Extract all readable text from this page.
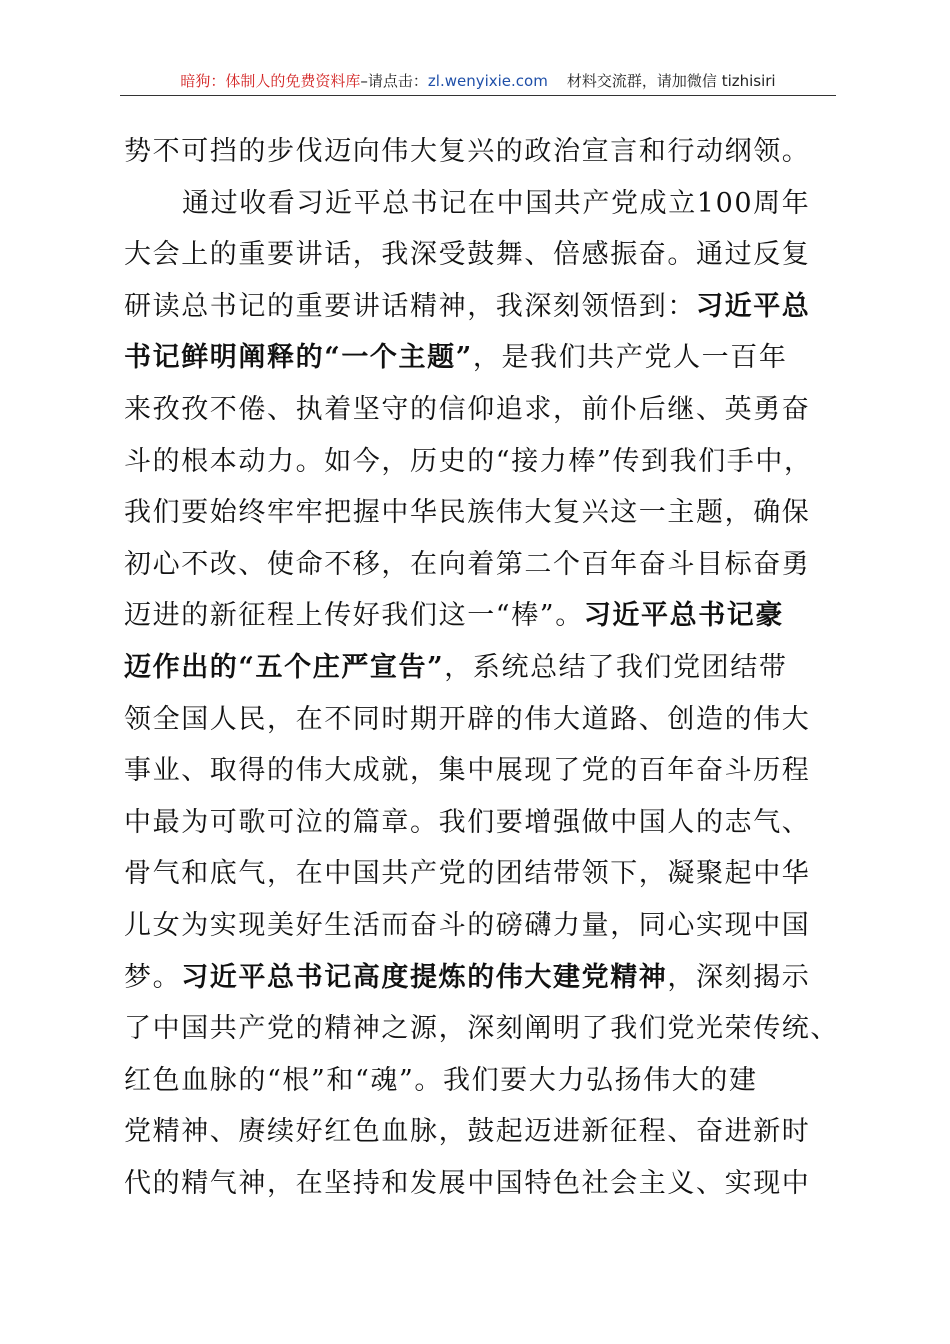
暗狗：体制人的免费资料库–请点击：zl.wenyixie.com 材料交流群，请加微信 tizhisiri
势不可挡的步伐迈向伟大复兴的政治宣言和行动纲领。
通过收看习近平总书记在中国共产党成立100周年
大会上的重要讲话，我深受鼓舞、倍感振奋。通过反复
研读总书记的重要讲话精神，我深刻领悟到：习近平总
书记鲜明阐释的“一个主题”，是我们共产党人一百年
来孜孜不倦、执着坚守的信仰追求，前仆后继、英勇奋
斗的根本动力。如今，历史的“接力棒”传到我们手中，
我们要始终牢牢把握中华民族伟大复兴这一主题，确保
初心不改、使命不移，在向着第二个百年奋斗目标奋勇
迈进的新征程上传好我们这一“棒”。习近平总书记豪
迈作出的“五个庄严宣告”，系统总结了我们党团结带
领全国人民，在不同时期开辟的伟大道路、创造的伟大
事业、取得的伟大成就，集中展现了党的百年奋斗历程
中最为可歌可泣的篇章。我们要增强做中国人的志气、
骨气和底气，在中国共产党的团结带领下，凝聚起中华
儿女为实现美好生活而奋斗的磅礴力量，同心实现中国
梦。习近平总书记高度提炼的伟大建党精神，深刻揭示
了中国共产党的精神之源，深刻阐明了我们党光荣传统、
红色血脉的“根”和“魂”。我们要大力弘扬伟大的建
党精神、赓续好红色血脉，鼓起迈进新征程、奋进新时
代的精气神，在坚持和发展中国特色社会主义、实现中
